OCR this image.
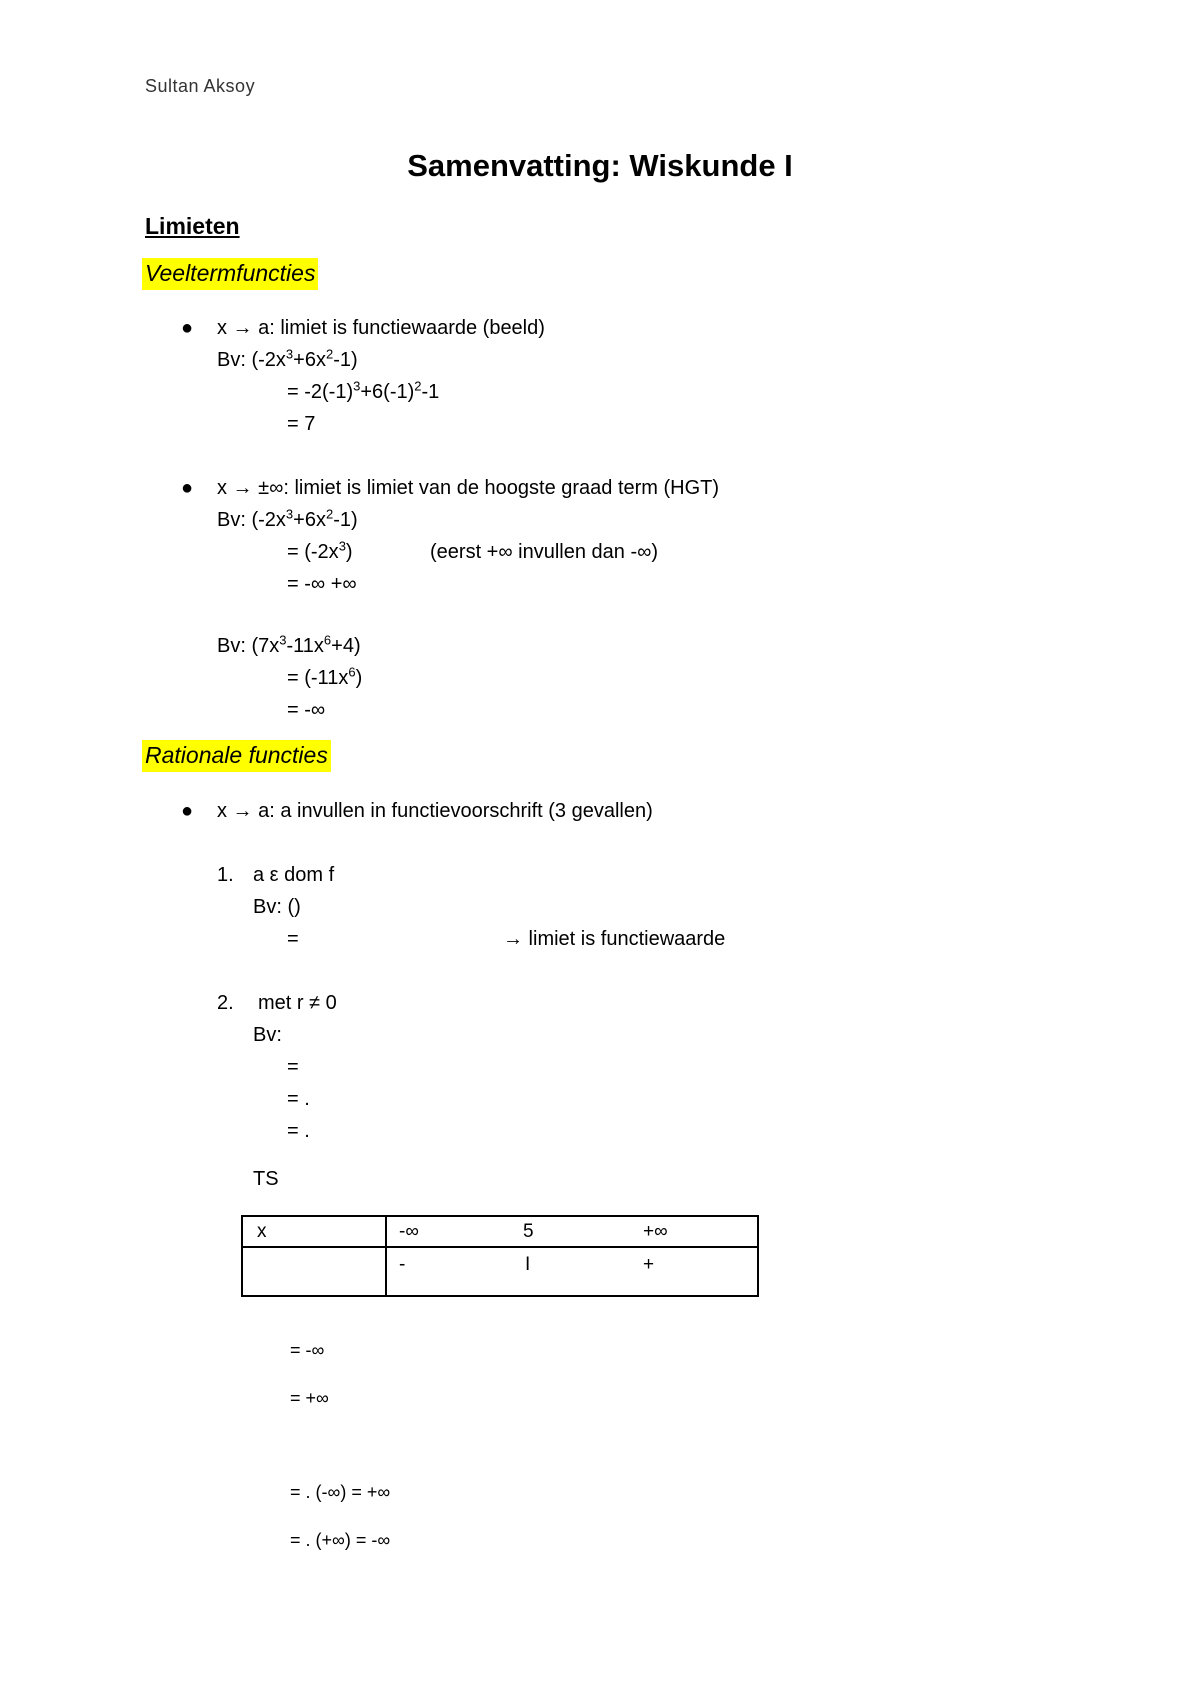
Sultan Aksoy
Samenvatting: Wiskunde I
Limieten
Veeltermfuncties
● x → a: limiet is functiewaarde (beeld)
Bv: $(-2x^3+6x^2-1)$
= $-2(-1)^3+6(-1)^2-1$
= 7
● x → ±∞: limiet is limiet van de hoogste graad term (HGT)
Bv: $(-2x^3+6x^2-1)$
= $(-2x^3)$	(eerst +∞ invullen dan -∞)
= -∞ +∞
Bv: $(7x^3-11x^6+4)$
= $(-11x^6)$
= -∞
Rationale functies
● x → a: a invullen in functievoorschrift (3 gevallen)
1. a ε dom f
Bv: ()
=	→ limiet is functiewaarde
2. met r ≠ 0
Bv:
=
= .
= .
TS
x	-∞ 5 +∞

	- I +
= -∞
= +∞
= . (-∞) = +∞
= . (+∞) = -∞
